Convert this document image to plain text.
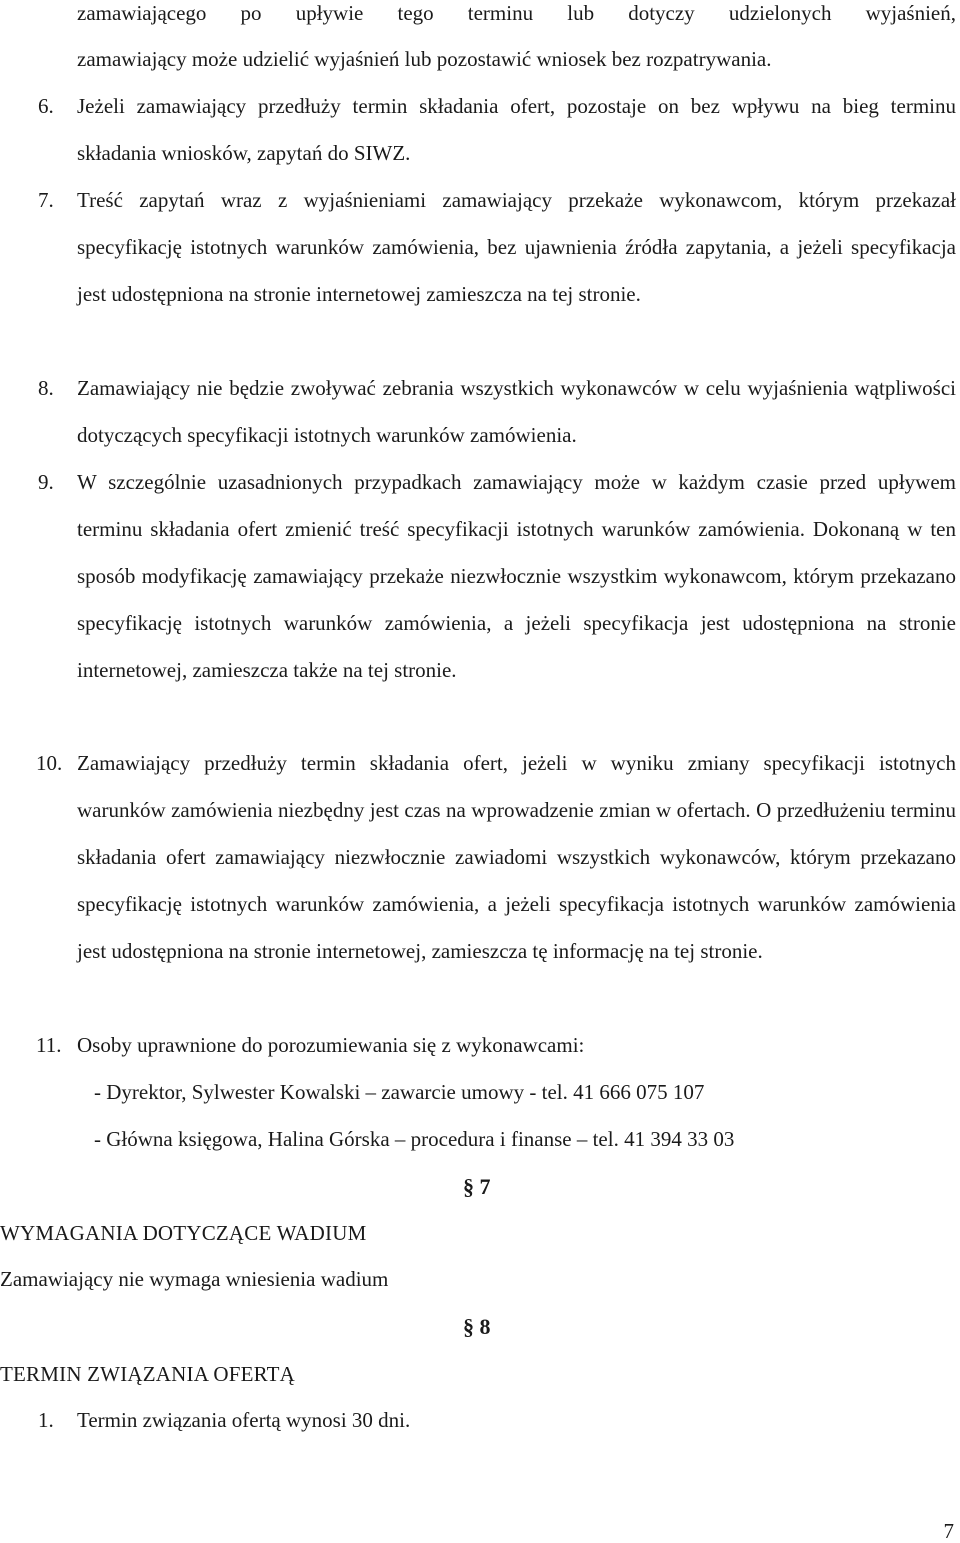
zamawiającego po upływie tego terminu lub dotyczy udzielonych wyjaśnień,
zamawiający może udzielić wyjaśnień lub pozostawić wniosek bez rozpatrywania.
6. Jeżeli zamawiający przedłuży termin składania ofert, pozostaje on bez wpływu na bieg terminu składania wniosków, zapytań do SIWZ.
7. Treść zapytań wraz z wyjaśnieniami zamawiający przekaże wykonawcom, którym przekazał specyfikację istotnych warunków zamówienia, bez ujawnienia źródła zapytania, a jeżeli specyfikacja jest udostępniona na stronie internetowej zamieszcza na tej stronie.
8. Zamawiający nie będzie zwoływać zebrania wszystkich wykonawców w celu wyjaśnienia wątpliwości dotyczących specyfikacji istotnych warunków zamówienia.
9. W szczególnie uzasadnionych przypadkach zamawiający może w każdym czasie przed upływem terminu składania ofert zmienić treść specyfikacji istotnych warunków zamówienia. Dokonaną w ten sposób modyfikację zamawiający przekaże niezwłocznie wszystkim wykonawcom, którym przekazano specyfikację istotnych warunków zamówienia, a jeżeli specyfikacja jest udostępniona na stronie internetowej, zamieszcza także na tej stronie.
10. Zamawiający przedłuży termin składania ofert, jeżeli w wyniku zmiany specyfikacji istotnych warunków zamówienia niezbędny jest czas na wprowadzenie zmian w ofertach. O przedłużeniu terminu składania ofert zamawiający niezwłocznie zawiadomi wszystkich wykonawców, którym przekazano specyfikację istotnych warunków zamówienia, a jeżeli specyfikacja istotnych warunków zamówienia jest udostępniona na stronie internetowej, zamieszcza tę informację na tej stronie.
11. Osoby uprawnione do porozumiewania się z wykonawcami:
- Dyrektor, Sylwester Kowalski – zawarcie umowy - tel. 41 666 075 107
- Główna księgowa, Halina Górska – procedura i finanse – tel. 41 394 33 03
§ 7
WYMAGANIA DOTYCZĄCE WADIUM
Zamawiający nie wymaga wniesienia wadium
§ 8
TERMIN ZWIĄZANIA OFERTĄ
1. Termin związania ofertą wynosi 30 dni.
7
